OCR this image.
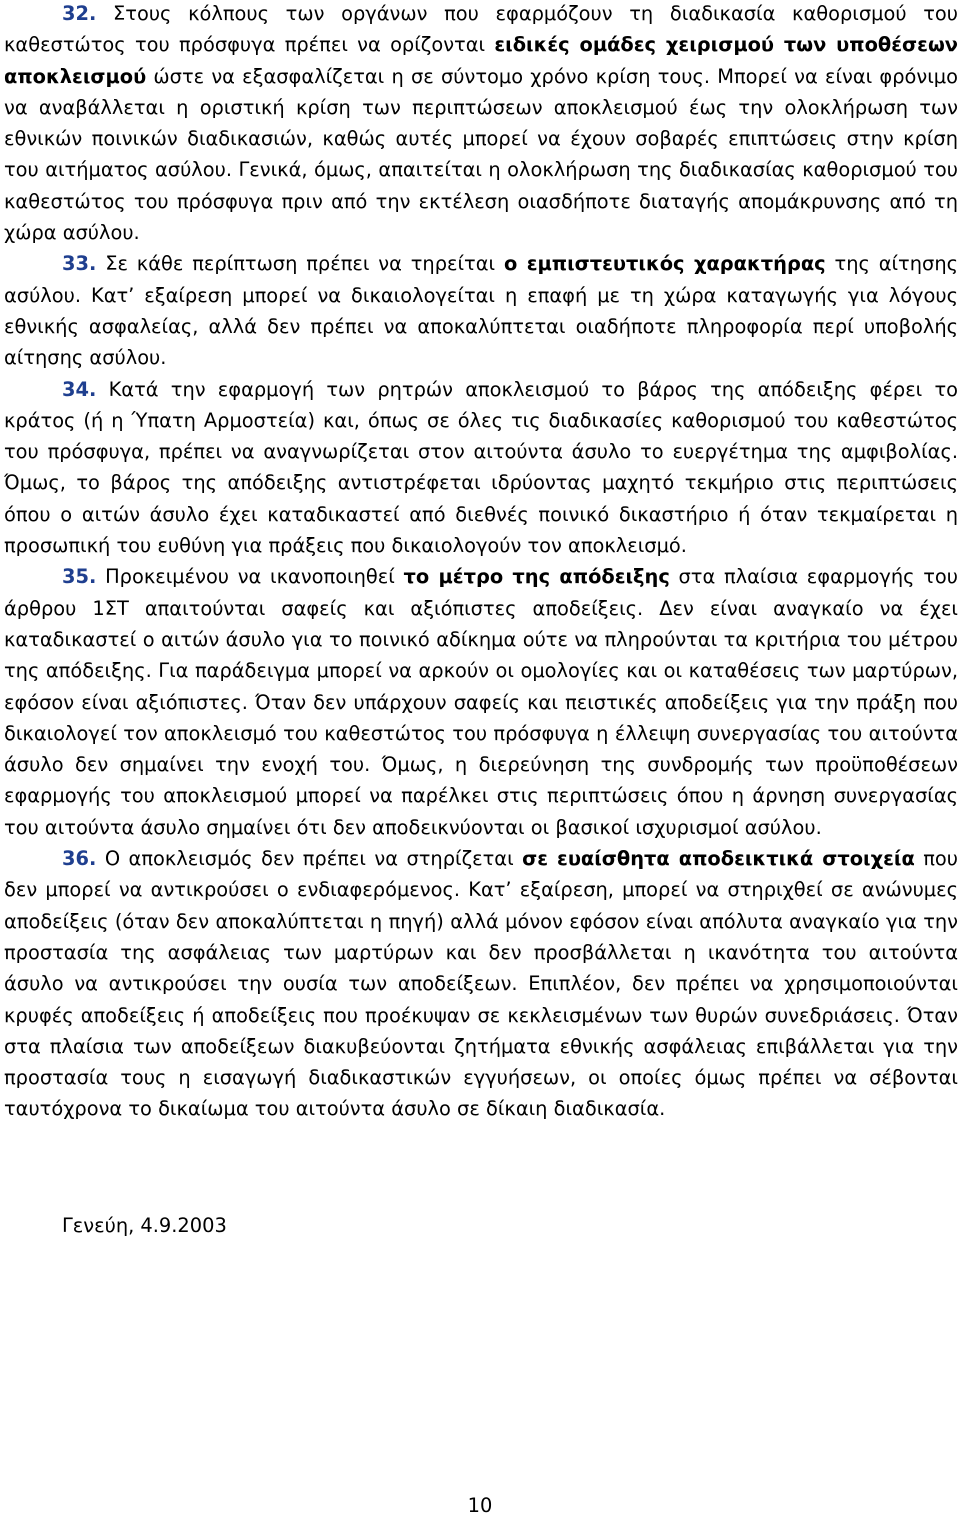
32. Στους κόλπους των οργάνων που εφαρμόζουν τη διαδικασία καθορισμού του καθεστώτος του πρόσφυγα πρέπει να ορίζονται ειδικές ομάδες χειρισμού των υποθέσεων αποκλεισμού ώστε να εξασφαλίζεται η σε σύντομο χρόνο κρίση τους. Μπορεί να είναι φρόνιμο να αναβάλλεται η οριστική κρίση των περιπτώσεων αποκλεισμού έως την ολοκλήρωση των εθνικών ποινικών διαδικασιών, καθώς αυτές μπορεί να έχουν σοβαρές επιπτώσεις στην κρίση του αιτήματος ασύλου. Γενικά, όμως, απαιτείται η ολοκλήρωση της διαδικασίας καθορισμού του καθεστώτος του πρόσφυγα πριν από την εκτέλεση οιασδήποτε διαταγής απομάκρυνσης από τη χώρα ασύλου.

33. Σε κάθε περίπτωση πρέπει να τηρείται ο εμπιστευτικός χαρακτήρας της αίτησης ασύλου. Κατ’ εξαίρεση μπορεί να δικαιολογείται η επαφή με τη χώρα καταγωγής για λόγους εθνικής ασφαλείας, αλλά δεν πρέπει να αποκαλύπτεται οιαδήποτε πληροφορία περί υποβολής αίτησης ασύλου.

34. Κατά την εφαρμογή των ρητρών αποκλεισμού το βάρος της απόδειξης φέρει το κράτος (ή η Ύπατη Αρμοστεία) και, όπως σε όλες τις διαδικασίες καθορισμού του καθεστώτος του πρόσφυγα, πρέπει να αναγνωρίζεται στον αιτούντα άσυλο το ευεργέτημα της αμφιβολίας. Όμως, το βάρος της απόδειξης αντιστρέφεται ιδρύοντας μαχητό τεκμήριο στις περιπτώσεις όπου ο αιτών άσυλο έχει καταδικαστεί από διεθνές ποινικό δικαστήριο ή όταν τεκμαίρεται η προσωπική του ευθύνη για πράξεις που δικαιολογούν τον αποκλεισμό.

35. Προκειμένου να ικανοποιηθεί το μέτρο της απόδειξης στα πλαίσια εφαρμογής του άρθρου 1ΣΤ απαιτούνται σαφείς και αξιόπιστες αποδείξεις. Δεν είναι αναγκαίο να έχει καταδικαστεί ο αιτών άσυλο για το ποινικό αδίκημα ούτε να πληρούνται τα κριτήρια του μέτρου της απόδειξης. Για παράδειγμα μπορεί να αρκούν οι ομολογίες και οι καταθέσεις των μαρτύρων, εφόσον είναι αξιόπιστες. Όταν δεν υπάρχουν σαφείς και πειστικές αποδείξεις για την πράξη που δικαιολογεί τον αποκλεισμό του καθεστώτος του πρόσφυγα η έλλειψη συνεργασίας του αιτούντα άσυλο δεν σημαίνει την ενοχή του. Όμως, η διερεύνηση της συνδρομής των προϋποθέσεων εφαρμογής του αποκλεισμού μπορεί να παρέλκει στις περιπτώσεις όπου η άρνηση συνεργασίας του αιτούντα άσυλο σημαίνει ότι δεν αποδεικνύονται οι βασικοί ισχυρισμοί ασύλου.

36. Ο αποκλεισμός δεν πρέπει να στηρίζεται σε ευαίσθητα αποδεικτικά στοιχεία που δεν μπορεί να αντικρούσει ο ενδιαφερόμενος. Κατ’ εξαίρεση, μπορεί να στηριχθεί σε ανώνυμες αποδείξεις (όταν δεν αποκαλύπτεται η πηγή) αλλά μόνον εφόσον είναι απόλυτα αναγκαίο για την προστασία της ασφάλειας των μαρτύρων και δεν προσβάλλεται η ικανότητα του αιτούντα άσυλο να αντικρούσει την ουσία των αποδείξεων. Επιπλέον, δεν πρέπει να χρησιμοποιούνται κρυφές αποδείξεις ή αποδείξεις που προέκυψαν σε κεκλεισμένων των θυρών συνεδριάσεις. Όταν στα πλαίσια των αποδείξεων διακυβεύονται ζητήματα εθνικής ασφάλειας επιβάλλεται για την προστασία τους η εισαγωγή διαδικαστικών εγγυήσεων, οι οποίες όμως πρέπει να σέβονται ταυτόχρονα το δικαίωμα του αιτούντα άσυλο σε δίκαιη διαδικασία.

Γενεύη, 4.9.2003
10
